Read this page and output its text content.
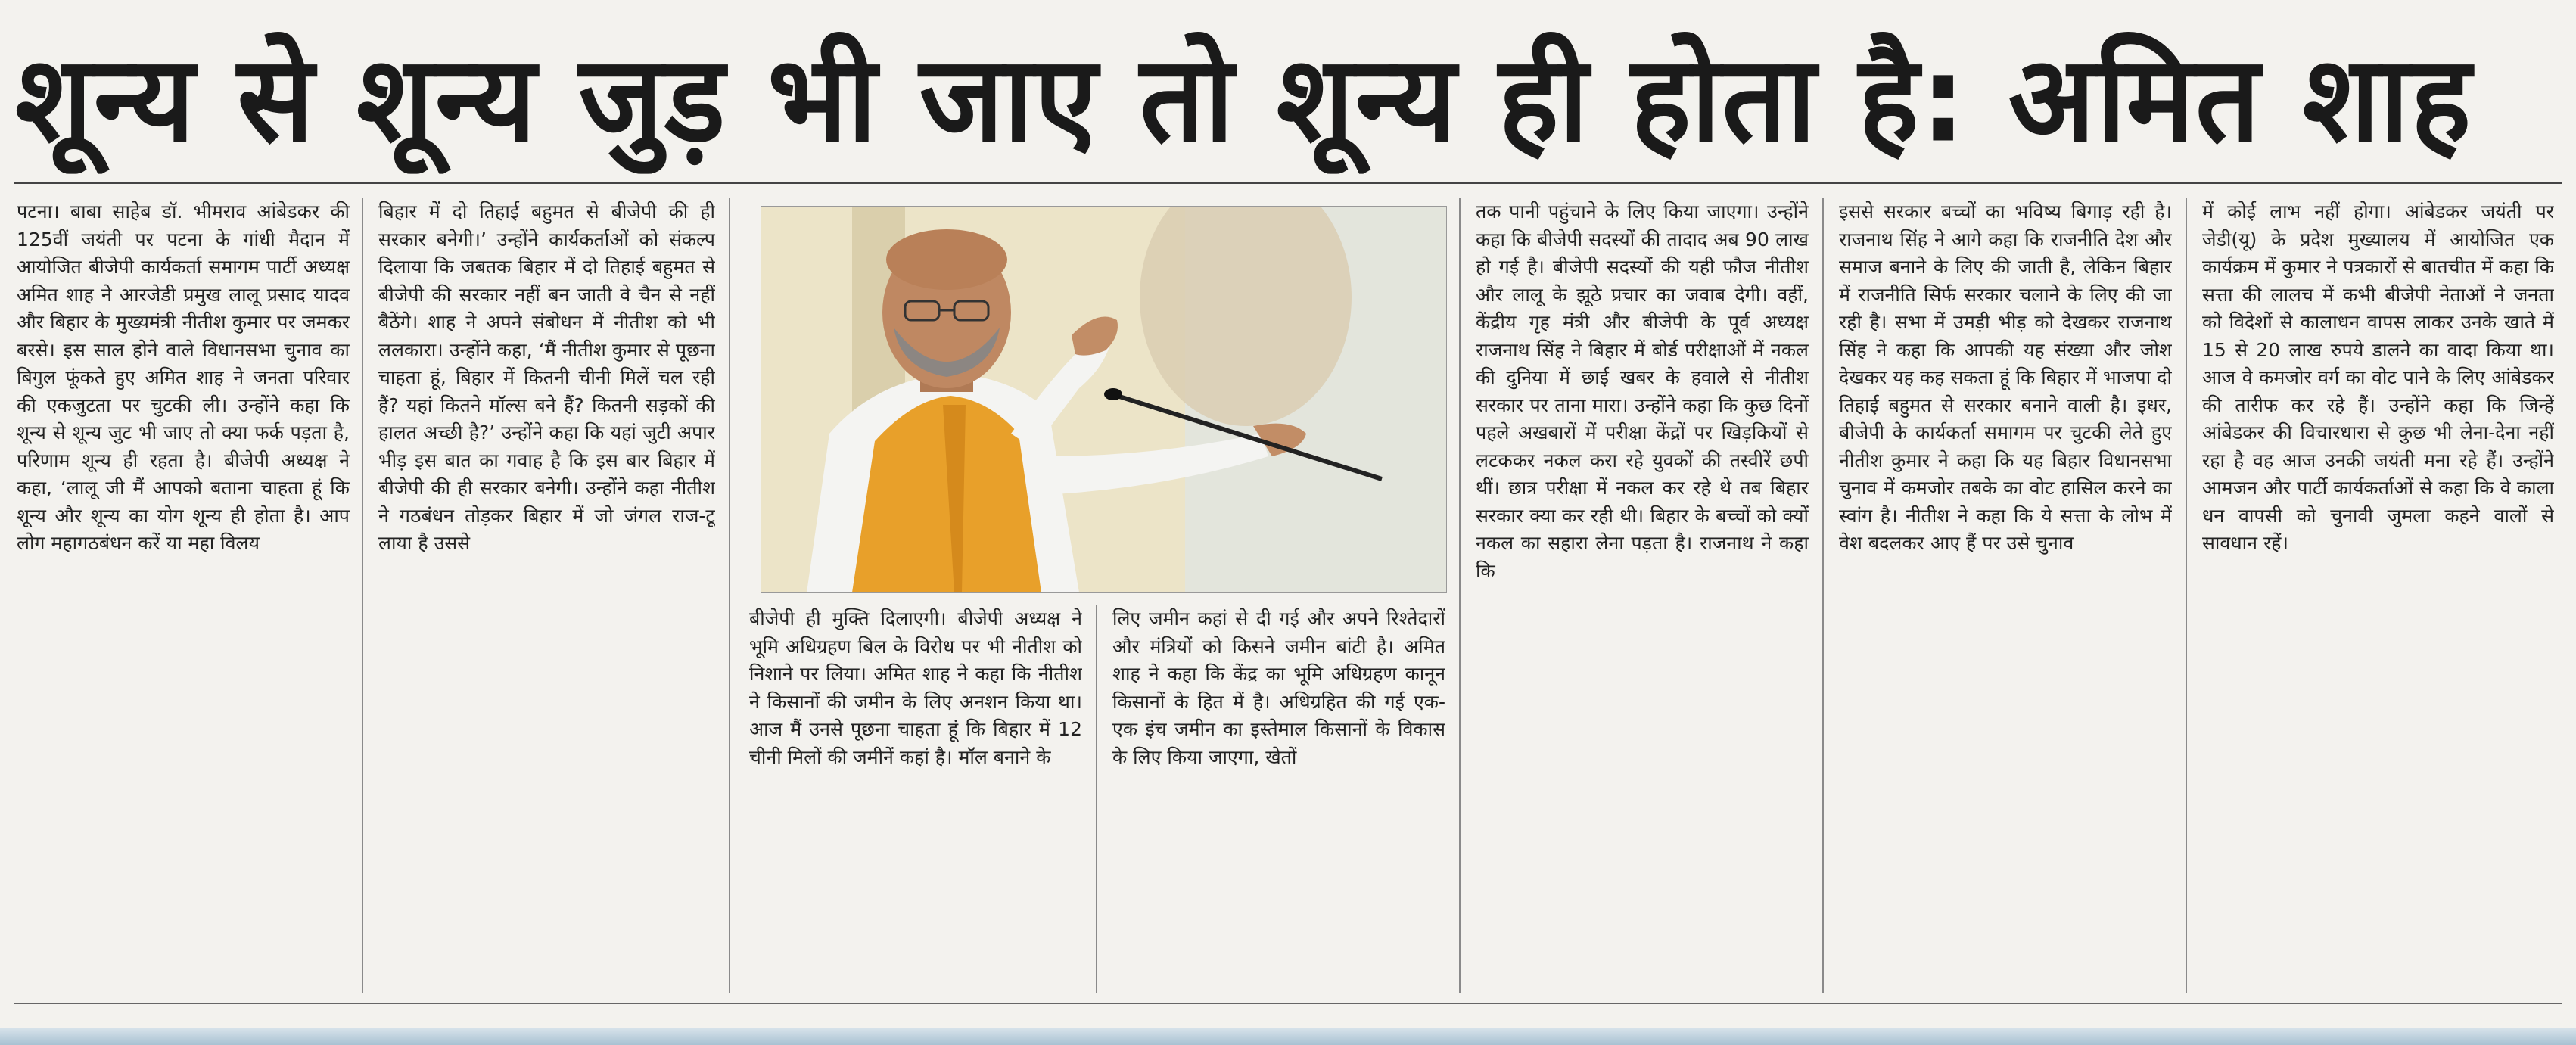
शून्य से शून्य जुड़ भी जाए तो शून्य ही होता है: अमित शाह

पटना। बाबा साहेब डॉ. भीमराव आंबेडकर की 125वीं जयंती पर पटना के गांधी मैदान में आयोजित बीजेपी कार्यकर्ता समागम पार्टी अध्यक्ष अमित शाह ने आरजेडी प्रमुख लालू प्रसाद यादव और बिहार के मुख्यमंत्री नीतीश कुमार पर जमकर बरसे। इस साल होने वाले विधानसभा चुनाव का बिगुल फूंकते हुए अमित शाह ने जनता परिवार की एकजुटता पर चुटकी ली। उन्होंने कहा कि शून्य से शून्य जुट भी जाए तो क्या फर्क पड़ता है, परिणाम शून्य ही रहता है। बीजेपी अध्यक्ष ने कहा, ‘लालू जी मैं आपको बताना चाहता हूं कि शून्य और शून्य का योग शून्य ही होता है। आप लोग महागठबंधन करें या महा विलय

बिहार में दो तिहाई बहुमत से बीजेपी की ही सरकार बनेगी।’ उन्होंने कार्यकर्ताओं को संकल्प दिलाया कि जबतक बिहार में दो तिहाई बहुमत से बीजेपी की सरकार नहीं बन जाती वे चैन से नहीं बैठेंगे। शाह ने अपने संबोधन में नीतीश को भी ललकारा। उन्होंने कहा, ‘मैं नीतीश कुमार से पूछना चाहता हूं, बिहार में कितनी चीनी मिलें चल रही हैं? यहां कितने मॉल्स बने हैं? कितनी सड़कों की हालत अच्छी है?’ उन्होंने कहा कि यहां जुटी अपार भीड़ इस बात का गवाह है कि इस बार बिहार में बीजेपी की ही सरकार बनेगी। उन्होंने कहा नीतीश ने गठबंधन तोड़कर बिहार में जो जंगल राज-टू लाया है उससे

बीजेपी ही मुक्ति दिलाएगी। बीजेपी अध्यक्ष ने भूमि अधिग्रहण बिल के विरोध पर भी नीतीश को निशाने पर लिया। अमित शाह ने कहा कि नीतीश ने किसानों की जमीन के लिए अनशन किया था। आज मैं उनसे पूछना चाहता हूं कि बिहार में 12 चीनी मिलों की जमीनें कहां है। मॉल बनाने के

लिए जमीन कहां से दी गई और अपने रिश्तेदारों और मंत्रियों को किसने जमीन बांटी है। अमित शाह ने कहा कि केंद्र का भूमि अधिग्रहण कानून किसानों के हित में है। अधिग्रहित की गई एक-एक इंच जमीन का इस्तेमाल किसानों के विकास के लिए किया जाएगा, खेतों

तक पानी पहुंचाने के लिए किया जाएगा। उन्होंने कहा कि बीजेपी सदस्यों की तादाद अब 90 लाख हो गई है। बीजेपी सदस्यों की यही फौज नीतीश और लालू के झूठे प्रचार का जवाब देगी। वहीं, केंद्रीय गृह मंत्री और बीजेपी के पूर्व अध्यक्ष राजनाथ सिंह ने बिहार में बोर्ड परीक्षाओं में नकल की दुनिया में छाई खबर के हवाले से नीतीश सरकार पर ताना मारा। उन्होंने कहा कि कुछ दिनों पहले अखबारों में परीक्षा केंद्रों पर खिड़कियों से लटककर नकल करा रहे युवकों की तस्वीरें छपी थीं। छात्र परीक्षा में नकल कर रहे थे तब बिहार सरकार क्या कर रही थी। बिहार के बच्चों को क्यों नकल का सहारा लेना पड़ता है। राजनाथ ने कहा कि

इससे सरकार बच्चों का भविष्य बिगाड़ रही है। राजनाथ सिंह ने आगे कहा कि राजनीति देश और समाज बनाने के लिए की जाती है, लेकिन बिहार में राजनीति सिर्फ सरकार चलाने के लिए की जा रही है। सभा में उमड़ी भीड़ को देखकर राजनाथ सिंह ने कहा कि आपकी यह संख्या और जोश देखकर यह कह सकता हूं कि बिहार में भाजपा दो तिहाई बहुमत से सरकार बनाने वाली है। इधर, बीजेपी के कार्यकर्ता समागम पर चुटकी लेते हुए नीतीश कुमार ने कहा कि यह बिहार विधानसभा चुनाव में कमजोर तबके का वोट हासिल करने का स्वांग है। नीतीश ने कहा कि ये सत्ता के लोभ में वेश बदलकर आए हैं पर उसे चुनाव

में कोई लाभ नहीं होगा। आंबेडकर जयंती पर जेडी(यू) के प्रदेश मुख्यालय में आयोजित एक कार्यक्रम में कुमार ने पत्रकारों से बातचीत में कहा कि सत्ता की लालच में कभी बीजेपी नेताओं ने जनता को विदेशों से कालाधन वापस लाकर उनके खाते में 15 से 20 लाख रुपये डालने का वादा किया था। आज वे कमजोर वर्ग का वोट पाने के लिए आंबेडकर की तारीफ कर रहे हैं। उन्होंने कहा कि जिन्हें आंबेडकर की विचारधारा से कुछ भी लेना-देना नहीं रहा है वह आज उनकी जयंती मना रहे हैं। उन्होंने आमजन और पार्टी कार्यकर्ताओं से कहा कि वे काला धन वापसी को चुनावी जुमला कहने वालों से सावधान रहें।
